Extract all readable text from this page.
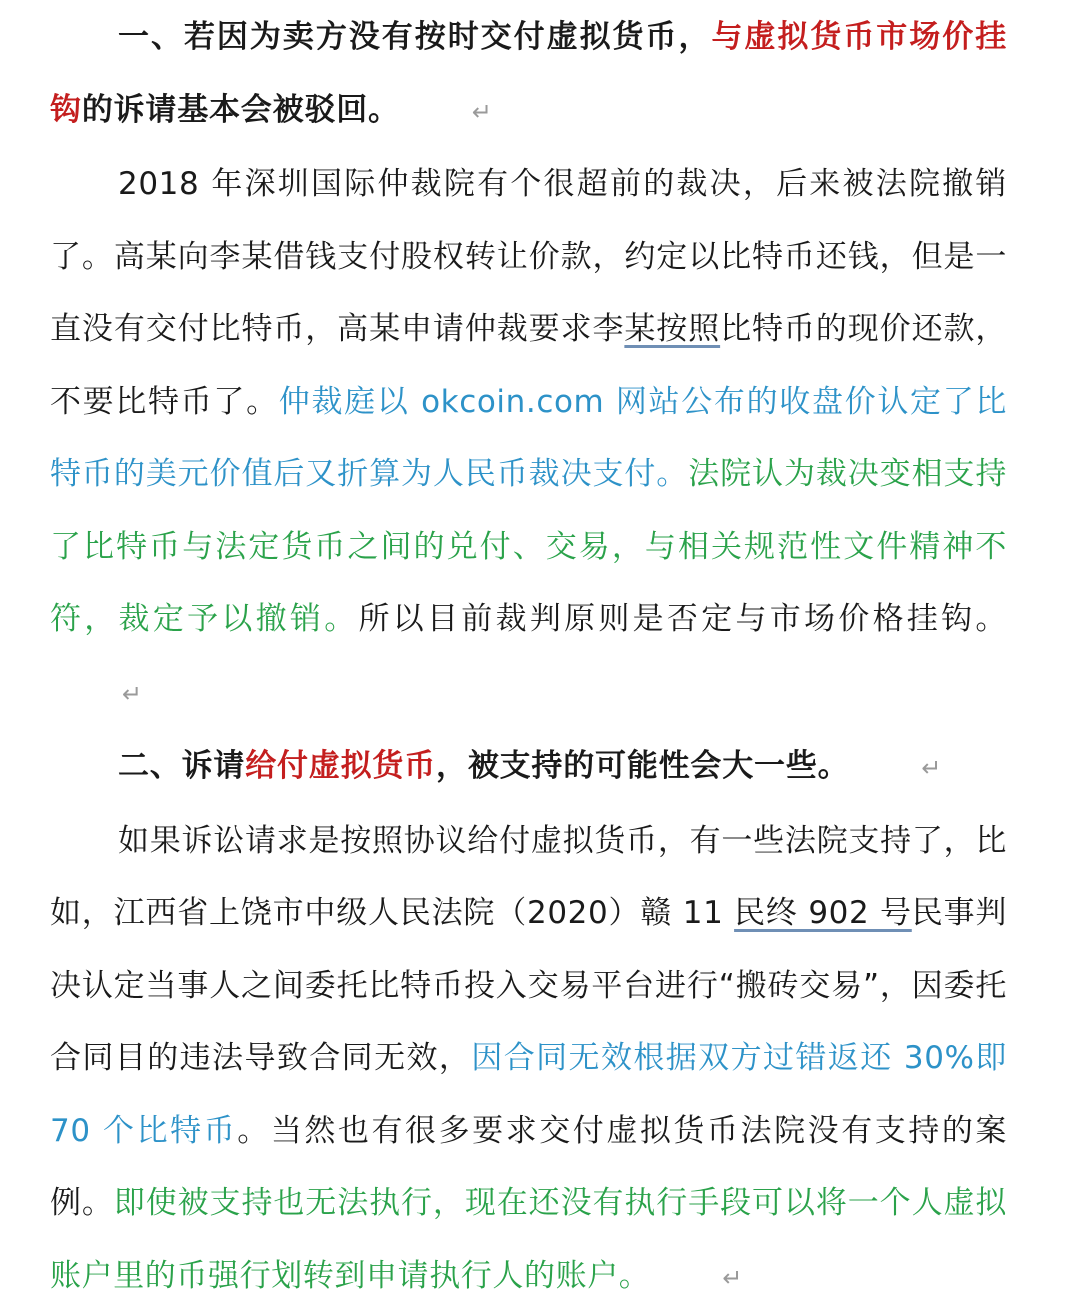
一、若因为卖方没有按时交付虚拟货币，与虚拟货币市场价挂钩的诉请基本会被驳回。	↵

2018 年深圳国际仲裁院有个很超前的裁决，后来被法院撤销了。高某向李某借钱支付股权转让价款，约定以比特币还钱，但是一直没有交付比特币，高某申请仲裁要求李某按照比特币的现价还款，不要比特币了。仲裁庭以 okcoin.com 网站公布的收盘价认定了比特币的美元价值后又折算为人民币裁决支付。法院认为裁决变相支持了比特币与法定货币之间的兑付、交易，与相关规范性文件精神不符，裁定予以撤销。所以目前裁判原则是否定与市场价格挂钩。↵

二、诉请给付虚拟货币，被支持的可能性会大一些。	↵

如果诉讼请求是按照协议给付虚拟货币，有一些法院支持了，比如，江西省上饶市中级人民法院（2020）赣 11 民终 902 号民事判决认定当事人之间委托比特币投入交易平台进行“搬砖交易”，因委托合同目的违法导致合同无效，因合同无效根据双方过错返还 30%即 70 个比特币。当然也有很多要求交付虚拟货币法院没有支持的案例。即使被支持也无法执行，现在还没有执行手段可以将一个人虚拟账户里的币强行划转到申请执行人的账户。	↵
